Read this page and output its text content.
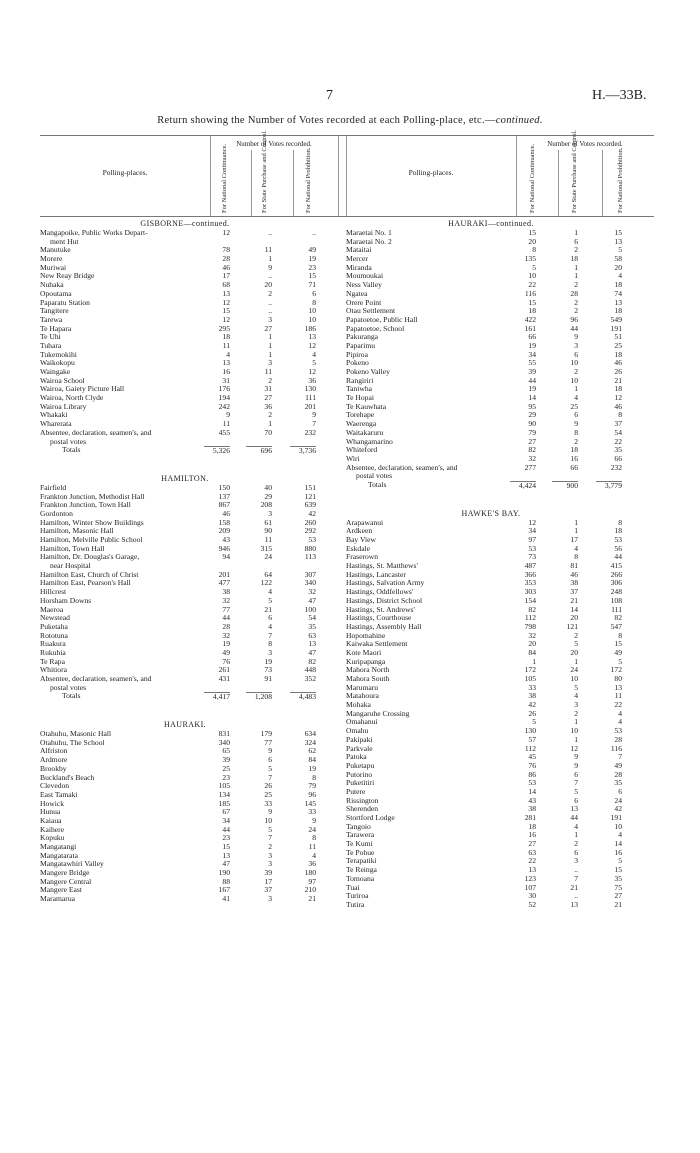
7	H.—33B.
Return showing the Number of Votes recorded at each Polling-place, etc.—continued.
Polling-places.
Number of Votes recorded.
For National Continuance.	For State Purchase and Control.	For National Prohibition.	Polling-places.
Number of Votes recorded.
For National Continuance.	For State Purchase and Control.	For National Prohibition.
GISBORNE—continued.
Mangapoike, Public Works Depart-	12	..	..
ment Hut
Manutuke	78	11	49
Morere	28	1	19
Muriwai	46	9	23
New Reay Bridge	17	..	15
Nuhaka	68	20	71
Opoutama	13	2	6
Paparatu Station	12	..	8
Tangitere	15	..	10
Tarewa	12	3	10
Te Hapara	295	27	186
Te Uhi	18	1	13
Tuhara	11	1	12
Tukemokihi	4	1	4
Waikokopu	13	3	5
Waingake	16	11	12
Wairoa School	31	2	36
Wairoa, Gaiety Picture Hall	176	31	130
Wairoa, North Clyde	194	27	111
Wairoa Library	242	36	201
Whakaki	9	2	9
Wharerata	11	1	7
Absentee, declaration, seamen's, and	455	70	232
postal votes
Totals	5,326	696	3,736
HAMILTON.
Fairfield	150	40	151
Frankton Junction, Methodist Hall	137	29	121
Frankton Junction, Town Hall	867	208	639
Gordonton	46	3	42
Hamilton, Winter Show Buildings	158	61	260
Hamilton, Masonic Hall	209	90	292
Hamilton, Melville Public School	43	11	53
Hamilton, Town Hall	946	315	880
Hamilton, Dr. Douglas's Garage,	94	24	113
near Hospital
Hamilton East, Church of Christ	201	64	307
Hamilton East, Pearson's Hall	477	122	340
Hillcrest	38	4	32
Horsham Downs	32	5	47
Maeroa	77	21	100
Newstead	44	6	54
Puketaha	28	4	35
Rototuna	32	7	63
Ruakura	19	8	13
Rukuhia	49	3	47
Te Rapa	76	19	82
Whitiora	261	73	448
Absentee, declaration, seamen's, and	431	91	352
postal votes
Totals	4,417	1,208	4,483
HAURAKI.
Otahuhu, Masonic Hall	831	179	634
Otahuhu, The School	340	77	324
Alfriston	65	9	62
Ardmore	39	6	84
Brookby	25	5	19
Buckland's Beach	23	7	8
Clevedon	105	26	79
East Tamaki	134	25	96
Howick	185	33	145
Hunua	67	9	33
Kaiaua	34	10	9
Kaihere	44	5	24
Kopuku	23	7	8
Mangatangi	15	2	11
Mangatarata	13	3	4
Mangatawhiri Valley	47	3	36
Mangere Bridge	190	39	180
Mangere Central	88	17	97
Mangere East	167	37	210
Maramarua	41	3	21
HAURAKI—continued.
Maraetai No. 1	15	1	15
Maraetai No. 2	20	6	13
Mataitai	8	2	5
Mercer	135	18	58
Miranda	5	1	20
Moumoukai	10	1	4
Ness Valley	22	2	18
Ngatea	116	28	74
Orere Point	15	2	13
Otau Settlement	18	2	18
Papatoetoe, Public Hall	422	96	549
Papatoetoe, School	161	44	191
Pakuranga	66	9	51
Paparimu	19	3	25
Pipiroa	34	6	18
Pokeno	55	10	46
Pokeno Valley	39	2	26
Rangiriri	44	10	21
Taniwha	19	1	18
Te Hopai	14	4	12
Te Kauwhata	95	25	46
Torehape	29	6	8
Waerenga	90	9	37
Waitakaruru	79	8	54
Whangamarino	27	2	22
Whiteford	82	18	35
Wiri	32	16	66
Absentee, declaration, seamen's, and	277	66	232
postal votes
Totals	4,424	900	3,779
HAWKE'S BAY.
Arapawanui	12	1	8
Ardkeen	34	1	18
Bay View	97	17	53
Eskdale	53	4	56
Fraserown	73	8	44
Hastings, St. Matthews'	487	81	415
Hastings, Lancaster	366	46	266
Hastings, Salvation Army	353	38	306
Hastings, Oddfellows'	303	37	248
Hastings, District School	154	21	108
Hastings, St. Andrews'	82	14	111
Hastings, Courthouse	112	20	82
Hastings, Assembly Hall	798	121	547
Hopomahine	32	2	8
Kaiwaka Settlement	20	5	15
Kote Maori	84	20	49
Kuripapanga	1	1	5
Mahora North	172	24	172
Mahora South	105	10	80
Marumaru	33	5	13
Matahoura	38	4	11
Mohaka	42	3	22
Mangaruhe Crossing	26	2	4
Omahanui	5	1	4
Omahu	130	10	53
Pakipaki	57	1	28
Parkvale	112	12	116
Patoka	45	9	7
Puketapu	76	9	49
Putorino	86	6	28
Puketitiri	53	7	35
Putere	14	5	6
Rissington	43	6	24
Sherenden	38	13	42
Stortford Lodge	281	44	191
Tangoio	18	4	10
Tarawera	16	1	4
Te Kumi	27	2	14
Te Pohue	63	6	16
Terapatiki	22	3	5
Te Reinga	13	..	15
Tomoana	123	7	35
Tuai	107	21	75
Turiroa	30	..	27
Tutira	52	13	21
